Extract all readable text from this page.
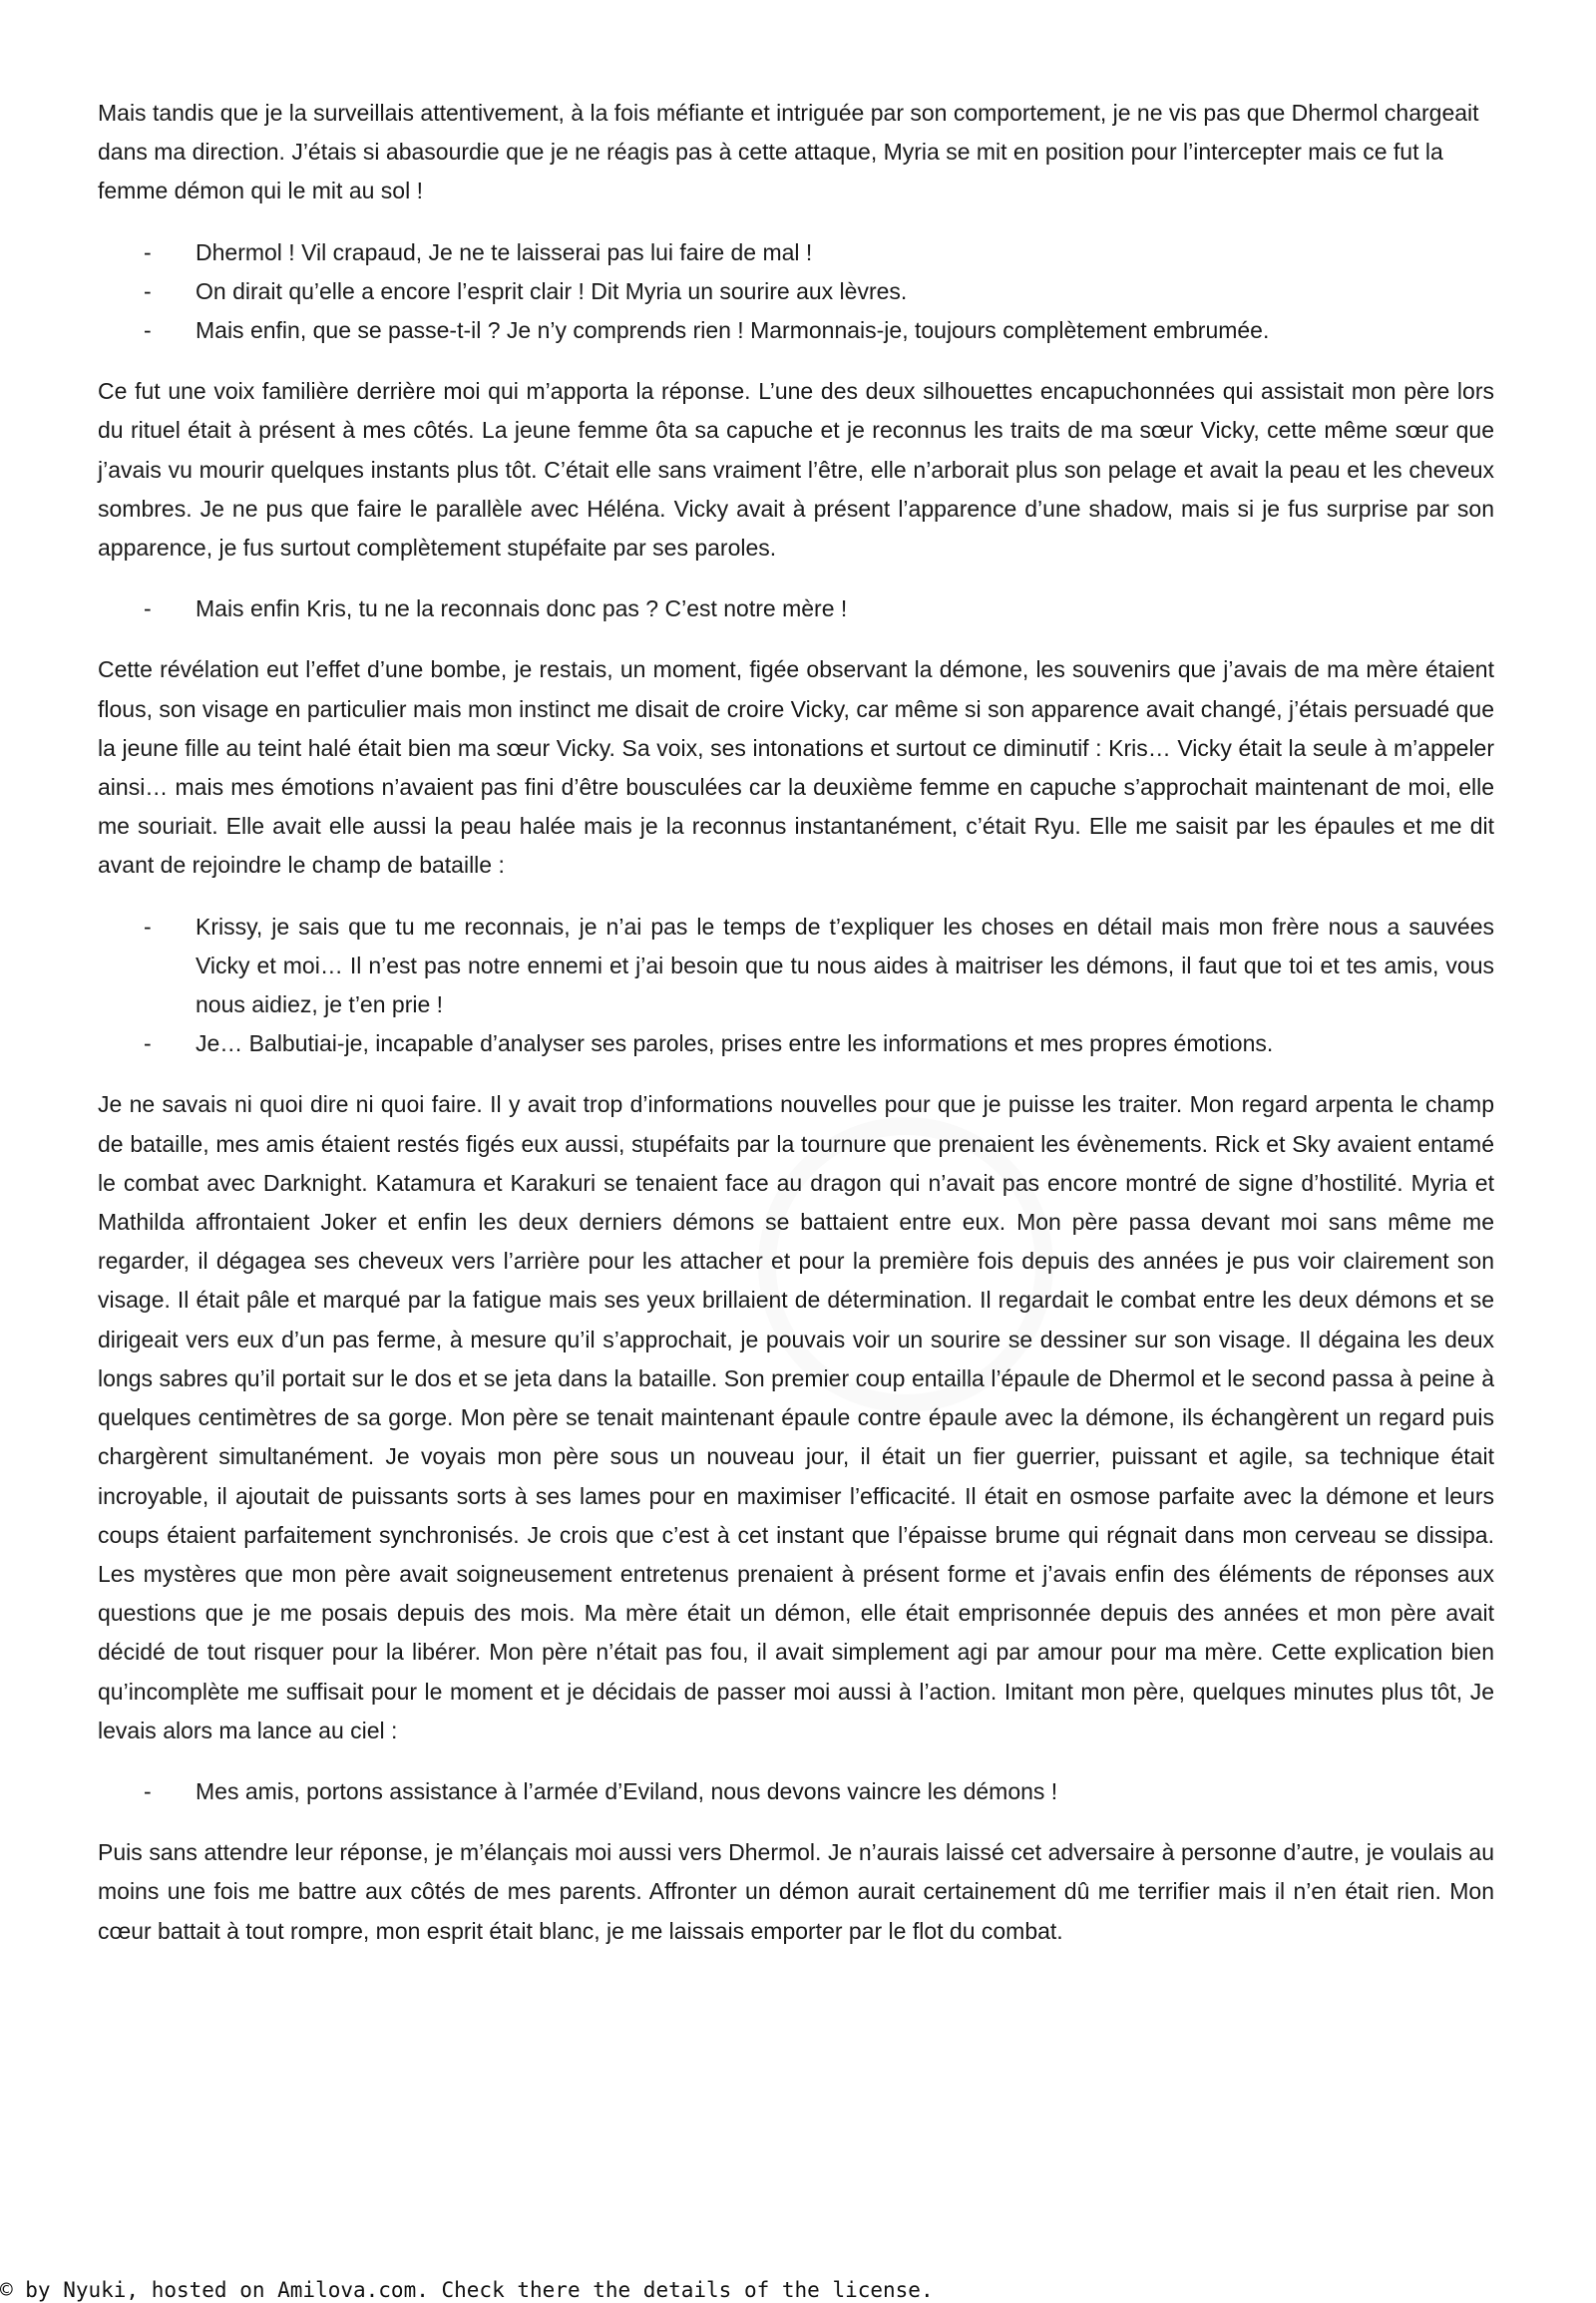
Mais tandis que je la surveillais attentivement, à la fois méfiante et intriguée par son comportement, je ne vis pas que Dhermol chargeait dans ma direction. J’étais si abasourdie que je ne réagis pas à cette attaque, Myria se mit en position pour l’intercepter mais ce fut la femme démon qui le mit au sol !

- Dhermol ! Vil crapaud, Je ne te laisserai pas lui faire de mal !
- On dirait qu’elle a encore l’esprit clair ! Dit Myria un sourire aux lèvres.
- Mais enfin, que se passe-t-il ? Je n’y comprends rien ! Marmonnais-je, toujours complètement embrumée.

Ce fut une voix familière derrière moi qui m’apporta la réponse. L’une des deux silhouettes encapuchonnées qui assistait mon père lors du rituel était à présent à mes côtés. La jeune femme ôta sa capuche et je reconnus les traits de ma sœur Vicky, cette même sœur que j’avais vu mourir quelques instants plus tôt. C’était elle sans vraiment l’être, elle n’arborait plus son pelage et avait la peau et les cheveux sombres. Je ne pus que faire le parallèle avec Héléna. Vicky avait à présent l’apparence d’une shadow, mais si je fus surprise par son apparence, je fus surtout complètement stupéfaite par ses paroles.

- Mais enfin Kris, tu ne la reconnais donc pas ? C’est notre mère !

Cette révélation eut l’effet d’une bombe, je restais, un moment, figée observant la démone, les souvenirs que j’avais de ma mère étaient flous, son visage en particulier mais mon instinct me disait de croire Vicky, car même si son apparence avait changé, j’étais persuadé que la jeune fille au teint halé était bien ma sœur Vicky. Sa voix, ses intonations et surtout ce diminutif : Kris… Vicky était la seule à m’appeler ainsi… mais mes émotions n’avaient pas fini d’être bousculées car la deuxième femme en capuche s’approchait maintenant de moi, elle me souriait. Elle avait elle aussi la peau halée mais je la reconnus instantanément, c’était Ryu. Elle me saisit par les épaules et me dit avant de rejoindre le champ de bataille :

- Krissy, je sais que tu me reconnais, je n’ai pas le temps de t’expliquer les choses en détail mais mon frère nous a sauvées Vicky et moi… Il n’est pas notre ennemi et j’ai besoin que tu nous aides à maitriser les démons, il faut que toi et tes amis, vous nous aidiez, je t’en prie !
- Je… Balbutiai-je, incapable d’analyser ses paroles, prises entre les informations et mes propres émotions.

Je ne savais ni quoi dire ni quoi faire. Il y avait trop d’informations nouvelles pour que je puisse les traiter. Mon regard arpenta le champ de bataille, mes amis étaient restés figés eux aussi, stupéfaits par la tournure que prenaient les évènements. Rick et Sky avaient entamé le combat avec Darknight. Katamura et Karakuri se tenaient face au dragon qui n’avait pas encore montré de signe d’hostilité. Myria et Mathilda affrontaient Joker et enfin les deux derniers démons se battaient entre eux. Mon père passa devant moi sans même me regarder, il dégagea ses cheveux vers l’arrière pour les attacher et pour la première fois depuis des années je pus voir clairement son visage. Il était pâle et marqué par la fatigue mais ses yeux brillaient de détermination. Il regardait le combat entre les deux démons et se dirigeait vers eux d’un pas ferme, à mesure qu’il s’approchait, je pouvais voir un sourire se dessiner sur son visage. Il dégaina les deux longs sabres qu’il portait sur le dos et se jeta dans la bataille. Son premier coup entailla l’épaule de Dhermol et le second passa à peine à quelques centimètres de sa gorge. Mon père se tenait maintenant épaule contre épaule avec la démone, ils échangèrent un regard puis chargèrent simultanément. Je voyais mon père sous un nouveau jour, il était un fier guerrier, puissant et agile, sa technique était incroyable, il ajoutait de puissants sorts à ses lames pour en maximiser l’efficacité. Il était en osmose parfaite avec la démone et leurs coups étaient parfaitement synchronisés. Je crois que c’est à cet instant que l’épaisse brume qui régnait dans mon cerveau se dissipa. Les mystères que mon père avait soigneusement entretenus prenaient à présent forme et j’avais enfin des éléments de réponses aux questions que je me posais depuis des mois. Ma mère était un démon, elle était emprisonnée depuis des années et mon père avait décidé de tout risquer pour la libérer. Mon père n’était pas fou, il avait simplement agi par amour pour ma mère. Cette explication bien qu’incomplète me suffisait pour le moment et je décidais de passer moi aussi à l’action. Imitant mon père, quelques minutes plus tôt, Je levais alors ma lance au ciel :

- Mes amis, portons assistance à l’armée d’Eviland, nous devons vaincre les démons !

Puis sans attendre leur réponse, je m’élançais moi aussi vers Dhermol. Je n’aurais laissé cet adversaire à personne d’autre, je voulais au moins une fois me battre aux côtés de mes parents. Affronter un démon aurait certainement dû me terrifier mais il n’en était rien. Mon cœur battait à tout rompre, mon esprit était blanc, je me laissais emporter par le flot du combat.

© by Nyuki, hosted on Amilova.com. Check there the details of the license.
